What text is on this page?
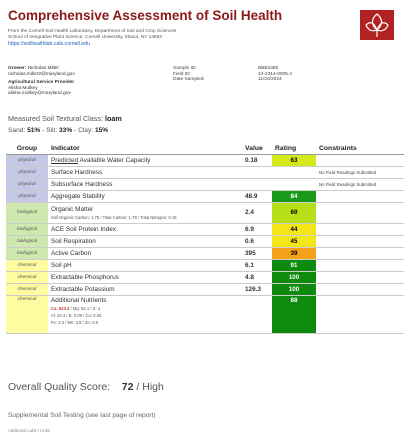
Comprehensive Assessment of Soil Health
From the Cornell Soil Health Laboratory, Department of Soil and Crop Sciences
School of Integrative Plant Science, Cornell University, Ithaca, NY 14853
https://soilhealthlab.cals.cornell.edu
Grower: Nicholas Miller
nicholas.miller2@maryland.gov
Agricultural Service Provider
Alisha Mulkey
alisha.mulkey@maryland.gov
Sample ID:
Field ID:
Date Sampled:
BBB2380
24-2314-0005.4
11/20/2024
Measured Soil Textural Class: loam
Sand: 51% - Silt: 33% - Clay: 15%
Group	Indicator	Value	Rating	Constraints
physical	Predicted Available Water Capacity	0.18	63	
physical	Surface Hardness			No Field Readings Submitted
physical	Subsurface Hardness			No Field Readings Submitted
physical	Aggregate Stability	48.9	84	
biological	Organic Matter
Soil Organic Carbon: 1.78 / Total Carbon: 1.78 / Total Nitrogen: 0.15	2.4	69	
biological	ACE Soil Protein Index	6.9	44	
biological	Soil Respiration	0.6	45	
biological	Active Carbon	395	39	
chemical	Soil pH	6.1	91	
chemical	Extractable Phosphorus	4.8	100	
chemical	Extractable Potassium	126.3	100	
chemical	Additional Nutrients
Ca: 623.3 / Mg: 64.1 / S: 4
Al: 20.4 / B: 0.09 / Cu: 0.26
Fe: 2.3 / Mn: 3.9 / Zn: 0.5		88	
Overall Quality Score: 72 / High
Supplemental Soil Testing (see last page of report)
Additional Labs / Links
